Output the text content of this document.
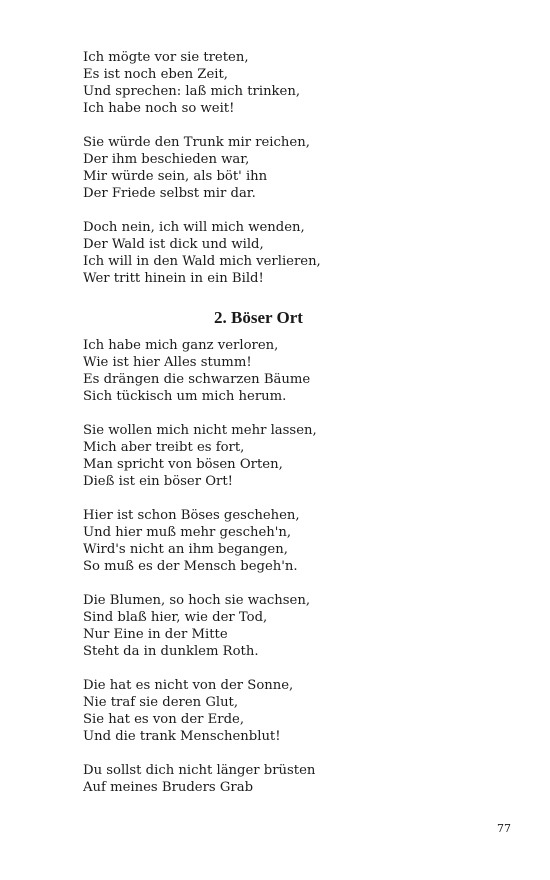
Ich mögte vor sie treten,
Es ist noch eben Zeit,
Und sprechen: laß mich trinken,
Ich habe noch so weit!
Sie würde den Trunk mir reichen,
Der ihm beschieden war,
Mir würde sein, als böt' ihn
Der Friede selbst mir dar.
Doch nein, ich will mich wenden,
Der Wald ist dick und wild,
Ich will in den Wald mich verlieren,
Wer tritt hinein in ein Bild!
2. Böser Ort
Ich habe mich ganz verloren,
Wie ist hier Alles stumm!
Es drängen die schwarzen Bäume
Sich tückisch um mich herum.
Sie wollen mich nicht mehr lassen,
Mich aber treibt es fort,
Man spricht von bösen Orten,
Dieß ist ein böser Ort!
Hier ist schon Böses geschehen,
Und hier muß mehr gescheh'n,
Wird's nicht an ihm begangen,
So muß es der Mensch begeh'n.
Die Blumen, so hoch sie wachsen,
Sind blaß hier, wie der Tod,
Nur Eine in der Mitte
Steht da in dunklem Roth.
Die hat es nicht von der Sonne,
Nie traf sie deren Glut,
Sie hat es von der Erde,
Und die trank Menschenblut!
Du sollst dich nicht länger brüsten
Auf meines Bruders Grab
77
